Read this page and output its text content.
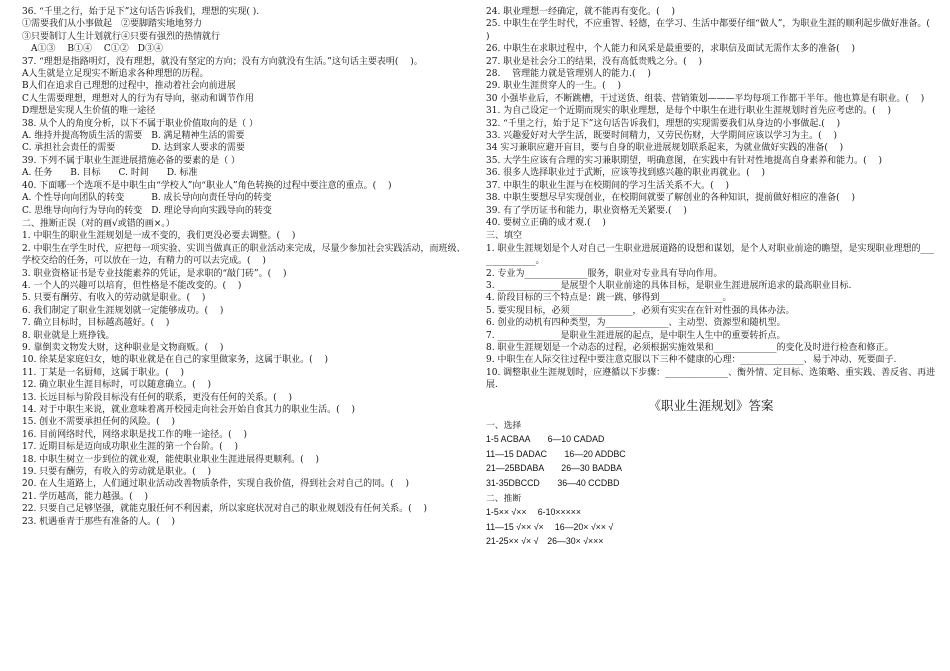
36. “千里之行，始于足下”这句话告诉我们，理想的实现( ).

①需要我们从小事做起　②要脚踏实地地努力

③只要制订人生计划就行④只要有强烈的热情就行

　A①③　 B①④　 C①②　D③④

37. “理想是指路明灯，没有理想，就没有坚定的方向；没有方向就没有生活。”这句话主要表明(　 )。

A人生就是立足现实不断追求各种理想的历程。

B人们在追求自己理想的过程中，推动着社会向前进展

C人生需要理想，理想对人的行为有导向，驱动和调节作用

D理想是实现人生价值的唯一途径

38. 从个人的角度分析，以下不属于职业价值取向的是（ ）

A. 维持并提高物质生活的需要　B. 满足精神生活的需要

C. 承担社会责任的需要　　　　D. 达到家人要求的需要

39. 下列不属于职业生涯进展措施必备的要素的是（ ）

A. 任务　　B. 目标　　C. 时间　　D. 标准

40. 下面哪一个选项不是中职生由“学校人”向“职业人”角色转换的过程中要注意的重点。(　 )

A. 个性导向向团队的转变　　　B. 成长导向向责任导向的转变

C. 思维导向向行为导向的转变　D. 理论导向向实践导向的转变

二、推断正误（对的画√或错的画×。）

1. 中职生的职业生涯规划是一成不变的，我们更没必要去调整。(　 )

2. 中职生在学生时代，应把每一项实验、实训当做真正的职业活动来完成，尽量少参加社会实践活动，而班级、学校交给的任务，可以放在一边，有精力的可以去完成。(　 )

3. 职业资格证书是专业技能素养的凭证，是求职的“敲门砖”。(　 )

4. 一个人的兴趣可以培育，但性格是不能改变的。(　 )

5. 只要有酬劳、有收入的劳动就是职业。(　 )

6. 我们制定了职业生涯规划就一定能够成功。(　 )

7. 确立目标时，目标越高越好。(　 )

8. 职业就是上班挣钱。

9. 靠倒卖文物发大财，这种职业是文物商贩。(　 )

10. 徐某是家庭妇女，她的职业就是在自己的家里做家务，这属于职业。(　 )

11. 丁某是一名厨师，这属于职业。(　 )

12. 确立职业生涯目标时，可以随意确立。(　 )

13. 长远目标与阶段目标没有任何的联系，更没有任何的关系。(　 )

14. 对于中职生来说，就业意味着离开校园走向社会开始自食其力的职业生活。(　 )

15. 创业不需要承担任何的风险。(　 )

16. 目前网络时代，网络求职是找工作的唯一途径。(　 )

17. 近期目标是迈向成功职业生涯的第一个台阶。(　 )

18. 中职生树立一步到位的就业观，能使职业职业生涯进展得更顺利。(　 )

19. 只要有酬劳，有收入的劳动就是职业。(　 )

20. 在人生道路上，人们通过职业活动改善物质条件，实现自我价值，得到社会对自己的同。(　 )

21. 学历越高，能力越强。(　 )

22. 只要自己足够坚强，就能克服任何不利因素，所以家庭状况对自己的职业规划没有任何关系。(　 )

23. 机遇垂青于那些有准备的人。(　 )

24. 职业理想一经确定，就不能再有变化。(　 )

25. 中职生在学生时代，不应重智、轻德，在学习、生活中都要仔细“做人”，为职业生涯的顺利起步做好准备。(　 )

26. 中职生在求职过程中，个人能力和风采是最重要的，求职信及面试无需作太多的准备(　 )

27. 职业是社会分工的结果，没有高低贵贱之分。(　 )

28. 　管理能力就是管理别人的能力.(　 )

29. 职业生涯贯穿人的一生。(　 )

30 小强毕业后，不断跳槽，干过送货、组装、营销策划———平均每项工作都干半年。他也算是有职业。(　 )

31. 为自己设定一个近期而现实的职业理想，是每个中职生在进行职业生涯规划时首先应考虑的。(　 )

32. “千里之行，始于足下”这句话告诉我们，理想的实现需要我们从身边的小事做起.(　 )

33. 兴趣爱好对大学生活，既要时间精力，又劳民伤财，大学期间应该以学习为主。(　 )

34 实习兼职应避开盲目，要与自身的职业进展规划联系起来，为就业做好实践的准备(　 )

35. 大学生应该有合理的实习兼职期望，明确意图，在实践中有针对性地提高自身素养和能力。(　 )

36. 很多人选择职业过于武断，应该等找到感兴趣的职业再就业。(　 )

37. 中职生的职业生涯与在校期间的学习生活关系不大。(　 )

38. 中职生要想尽早实现创业，在校期间就要了解创业的各种知识，提前做好相应的准备(　 )

39. 有了学历证书和能力，职业资格无关紧要.(　 )

40. 要树立正确的成才观.(　 )

三、填空

1. 职业生涯规划是个人对自己一生职业进展道路的设想和谋划，是个人对职业前途的瞻望，是实现职业理想的______________。

2. 专业为______________服务，职业对专业具有导向作用。

3. ______________是展望个人职业前途的具体目标，是职业生涯进展所追求的最高职业目标.

4. 阶段目标的三个特点是：跳一跳、够得到______________。

5. 要实现目标，必须______________，必须有实实在在针对性强的具体办法。

6. 创业的动机有四种类型，为______________、主动型、资源型和随机型。

7. ______________是职业生涯进展的起点，是中职生人生中的重要转折点。

8. 职业生涯规划是一个动态的过程，必须根据实施效果和______________的变化及时进行检查和修正。

9. 中职生在人际交往过程中要注意克服以下三种不健康的心理：______________、易于冲动、死要面子.

10. 调整职业生涯规划时，应遵循以下步骤：______________、衡外情、定目标、选策略、重实践、善反省、再进展.

《职业生涯规划》答案

一、选择

1-5 ACBAA　　6—10 CADAD

11—15 DADAC　　16—20 ADDBC

21—25BDABA　　26—30 BADBA

31-35DBCCD　　36—40 CCDBD

二、推断

1-5×× √×× 　6-10×××××

11—15 √×× √× 　16—20× √×× √

21-25×× √× √　26—30× √×××
